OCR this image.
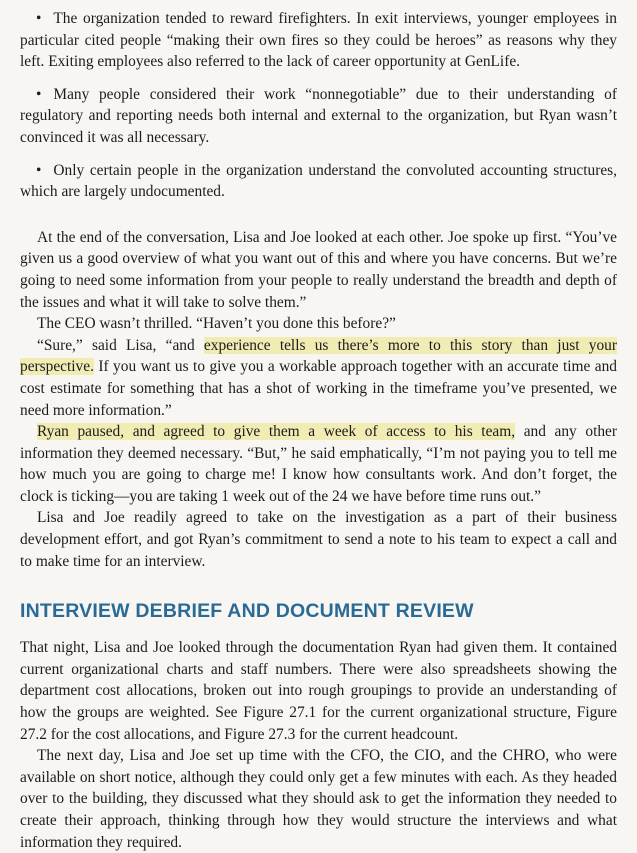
• The organization tended to reward firefighters. In exit interviews, younger employees in particular cited people “making their own fires so they could be heroes” as reasons why they left. Exiting employees also referred to the lack of career opportunity at GenLife.

• Many people considered their work “nonnegotiable” due to their understanding of regulatory and reporting needs both internal and external to the organization, but Ryan wasn’t convinced it was all necessary.

• Only certain people in the organization understand the convoluted accounting structures, which are largely undocumented.

At the end of the conversation, Lisa and Joe looked at each other. Joe spoke up first. “You’ve given us a good overview of what you want out of this and where you have concerns. But we’re going to need some information from your people to really understand the breadth and depth of the issues and what it will take to solve them.”

The CEO wasn’t thrilled. “Haven’t you done this before?”

“Sure,” said Lisa, “and experience tells us there’s more to this story than just your perspective. If you want us to give you a workable approach together with an accurate time and cost estimate for something that has a shot of working in the timeframe you’ve presented, we need more information.”

Ryan paused, and agreed to give them a week of access to his team, and any other information they deemed necessary. “But,” he said emphatically, “I’m not paying you to tell me how much you are going to charge me! I know how consultants work. And don’t forget, the clock is ticking—you are taking 1 week out of the 24 we have before time runs out.”

Lisa and Joe readily agreed to take on the investigation as a part of their business development effort, and got Ryan’s commitment to send a note to his team to expect a call and to make time for an interview.

INTERVIEW DEBRIEF AND DOCUMENT REVIEW

That night, Lisa and Joe looked through the documentation Ryan had given them. It contained current organizational charts and staff numbers. There were also spreadsheets showing the department cost allocations, broken out into rough groupings to provide an understanding of how the groups are weighted. See Figure 27.1 for the current organizational structure, Figure 27.2 for the cost allocations, and Figure 27.3 for the current headcount.

The next day, Lisa and Joe set up time with the CFO, the CIO, and the CHRO, who were available on short notice, although they could only get a few minutes with each. As they headed over to the building, they discussed what they should ask to get the information they needed to create their approach, thinking through how they would structure the interviews and what information they required.
